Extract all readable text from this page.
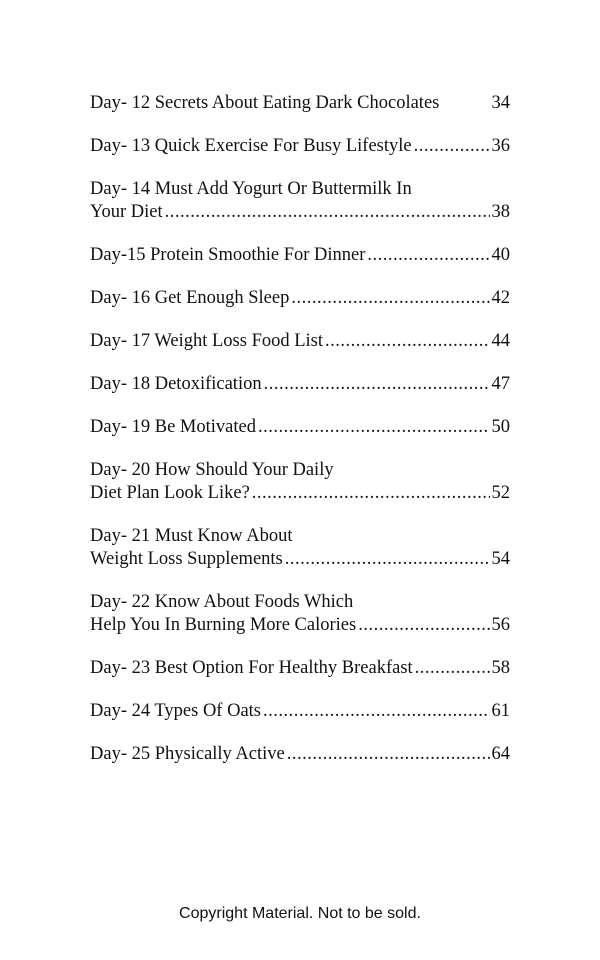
Day- 12 Secrets About Eating Dark Chocolates	34
Day- 13 Quick Exercise For Busy Lifestyle .....	36
Day- 14 Must Add Yogurt Or Buttermilk In
Your Diet .....	38
Day-15 Protein Smoothie For Dinner .....	40
Day- 16 Get Enough Sleep .....	42
Day- 17 Weight Loss Food List .....	44
Day- 18 Detoxification .....	47
Day- 19 Be Motivated .....	50
Day- 20 How Should Your Daily
Diet Plan Look Like? .....	52
Day- 21 Must Know About
Weight Loss Supplements .....	54
Day- 22 Know About Foods Which
Help You In Burning More Calories .....	56
Day- 23 Best Option For Healthy Breakfast .....	58
Day- 24 Types Of Oats .....	61
Day- 25 Physically Active .....	64
Copyright Material. Not to be sold.
